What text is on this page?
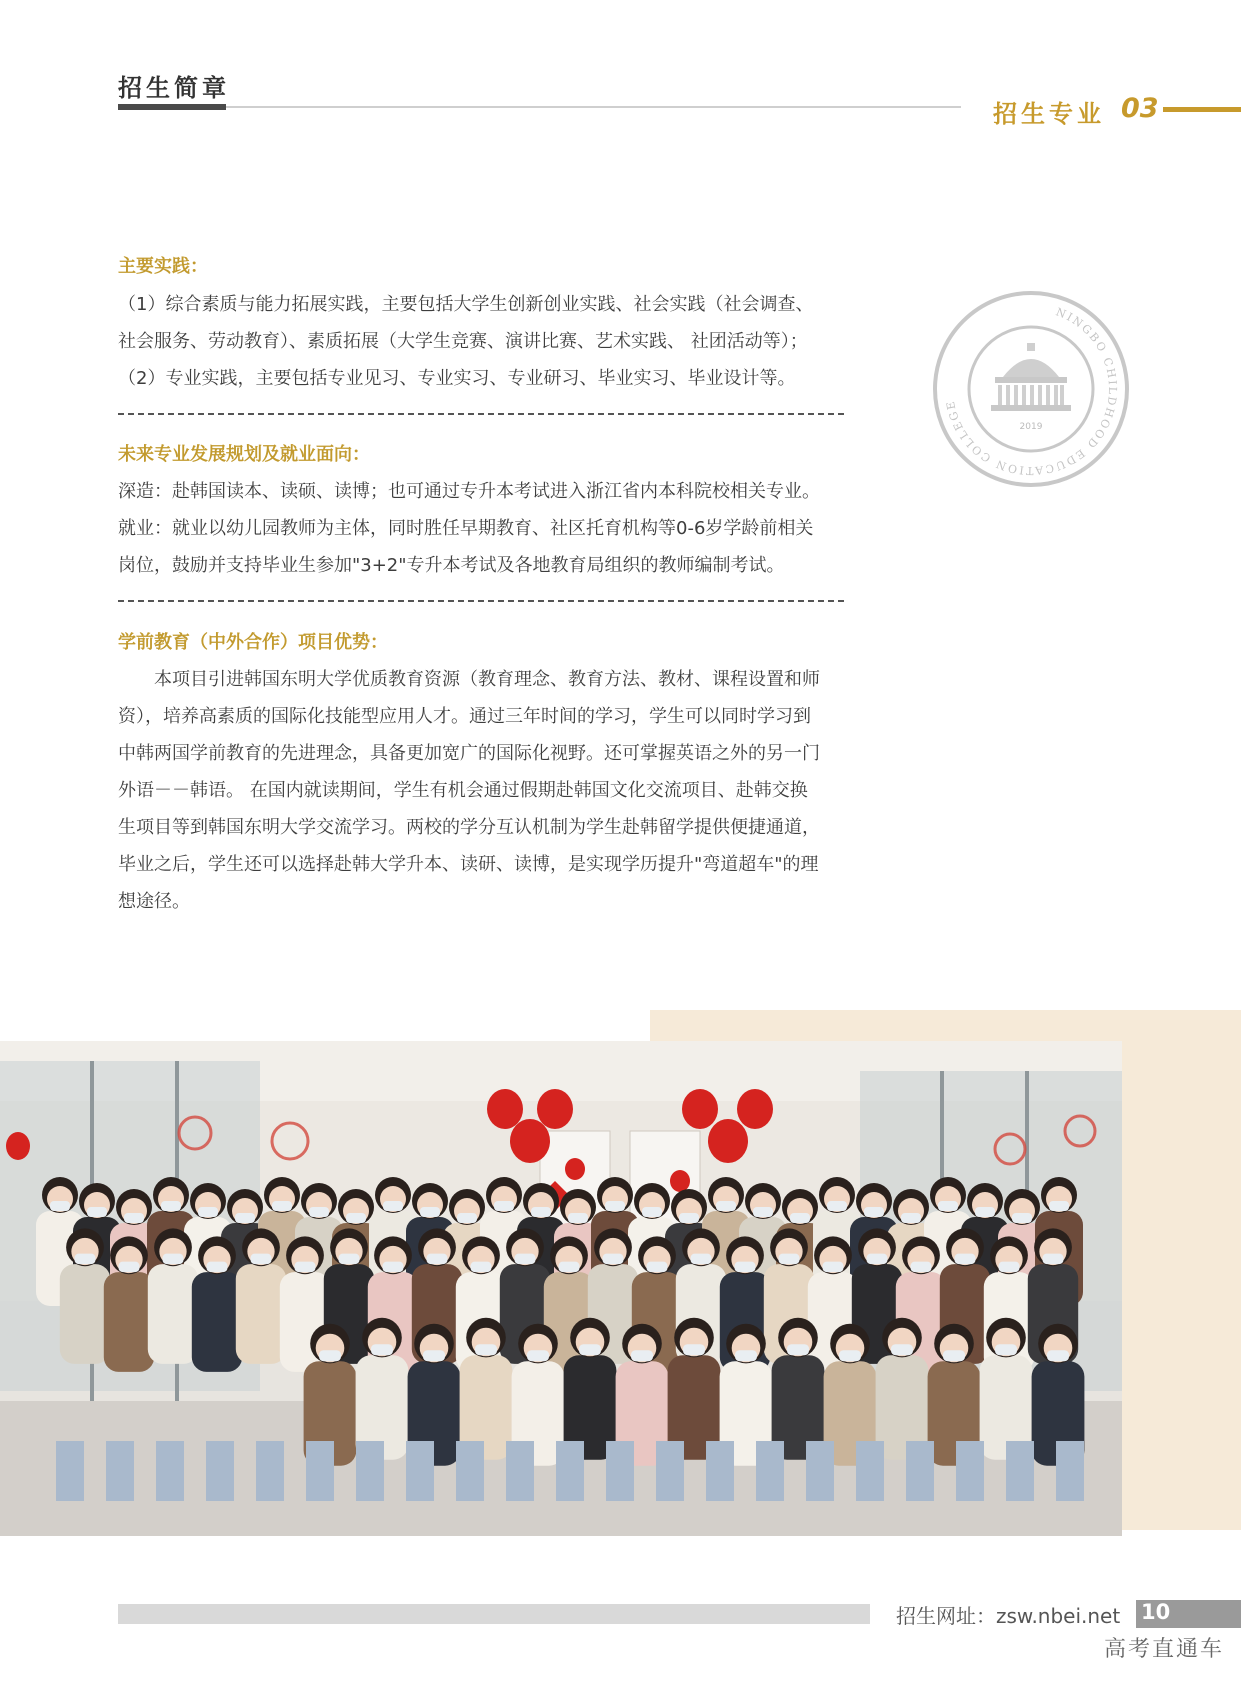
招生简章
招生专业 03
主要实践：
（1）综合素质与能力拓展实践，主要包括大学生创新创业实践、社会实践（社会调查、
社会服务、劳动教育）、素质拓展（大学生竞赛、演讲比赛、艺术实践、 社团活动等）；
（2）专业实践，主要包括专业见习、专业实习、专业研习、毕业实习、毕业设计等。
未来专业发展规划及就业面向：
深造：赴韩国读本、读硕、读博；也可通过专升本考试进入浙江省内本科院校相关专业。
就业：就业以幼儿园教师为主体，同时胜任早期教育、社区托育机构等0-6岁学龄前相关
岗位，鼓励并支持毕业生参加"3+2"专升本考试及各地教育局组织的教师编制考试。
学前教育（中外合作）项目优势：
　　本项目引进韩国东明大学优质教育资源（教育理念、教育方法、教材、课程设置和师
资），培养高素质的国际化技能型应用人才。通过三年时间的学习，学生可以同时学习到
中韩两国学前教育的先进理念，具备更加宽广的国际化视野。还可掌握英语之外的另一门
外语－－韩语。 在国内就读期间，学生有机会通过假期赴韩国文化交流项目、赴韩交换
生项目等到韩国东明大学交流学习。两校的学分互认机制为学生赴韩留学提供便捷通道，
毕业之后，学生还可以选择赴韩大学升本、读研、读博，是实现学历提升"弯道超车"的理
想途径。
NINGBO CHILDHOOD EDUCATION COLLEGE
2019
招生网址：zsw.nbei.net 10
高考直通车
